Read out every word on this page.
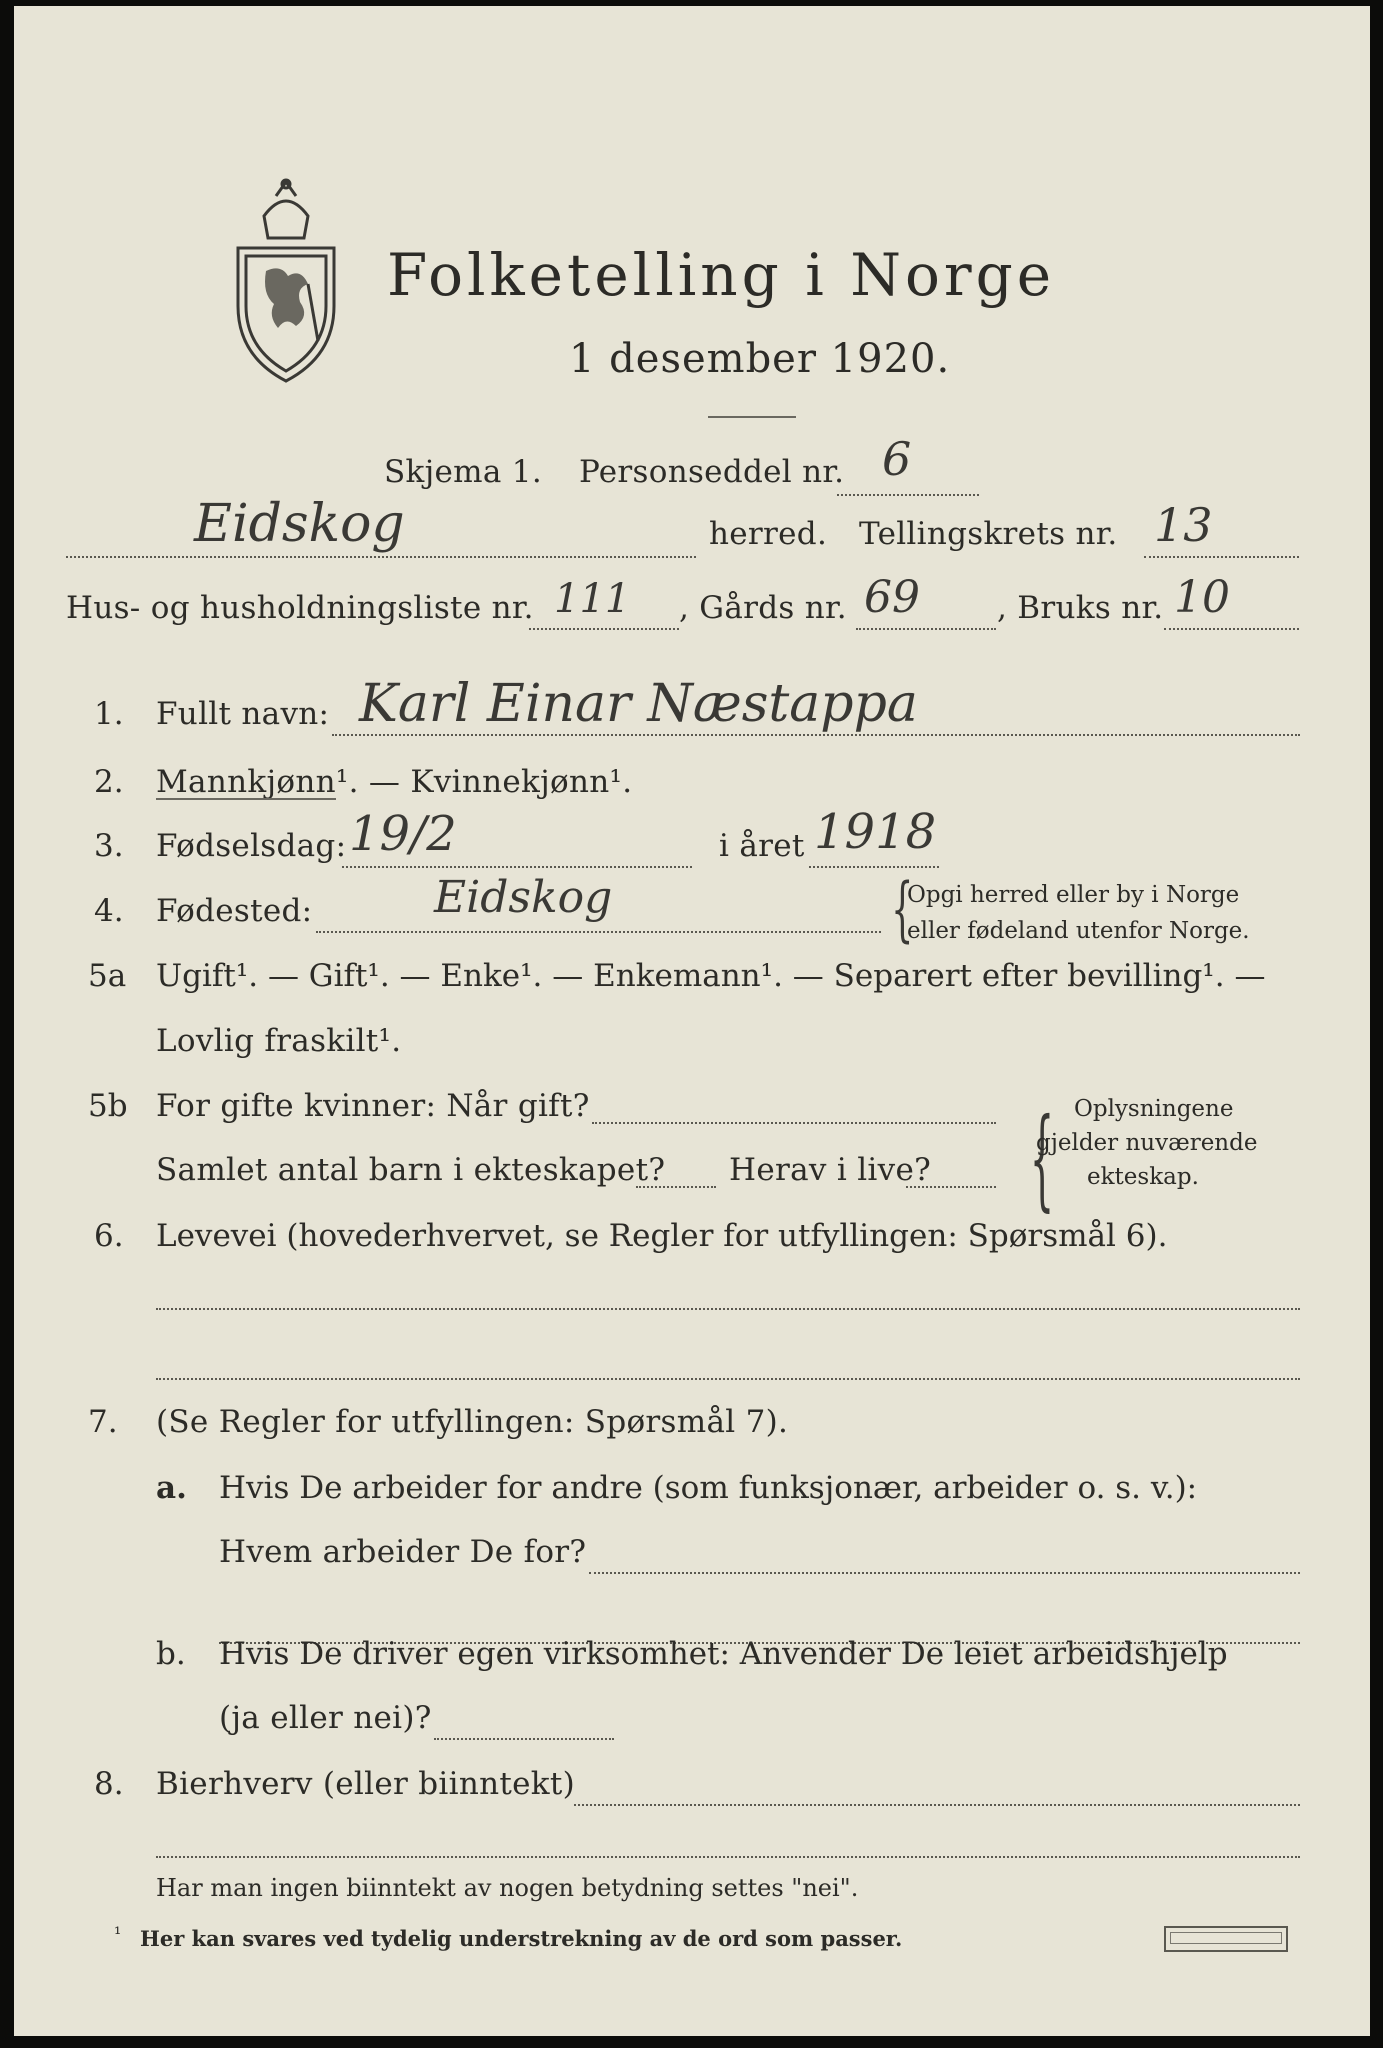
Folketelling i Norge
1 desember 1920.
Skjema 1. Personseddel nr. 6
Eidskog	herred. Tellingskrets nr. 13
Hus- og husholdningsliste nr. 111 , Gårds nr. 69 , Bruks nr. 10
1. Fullt navn: Karl Einar Næstappa
2. Mannkjønn¹. — Kvinnekjønn¹.
3. Fødselsdag: 19/2	i året 1918
4. Fødested:	Eidskog	{
Opgi herred eller by i Norge
eller fødeland utenfor Norge.
5a Ugift¹. — Gift¹. — Enke¹. — Enkemann¹. — Separert efter bevilling¹. —
Lovlig fraskilt¹.
5b For gifte kvinner: Når gift?
Samlet antal barn i ekteskapet? Herav i live? { Oplysningene
gjelder nuværende
ekteskap.
6. Levevei (hovederhvervet, se Regler for utfyllingen: Spørsmål 6).
7. (Se Regler for utfyllingen: Spørsmål 7).
a. Hvis De arbeider for andre (som funksjonær, arbeider o. s. v.):
Hvem arbeider De for?
b. Hvis De driver egen virksomhet: Anvender De leiet arbeidshjelp
(ja eller nei)?
8. Bierhverv (eller biinntekt)
Har man ingen biinntekt av nogen betydning settes "nei".
¹ Her kan svares ved tydelig understrekning av de ord som passer.
